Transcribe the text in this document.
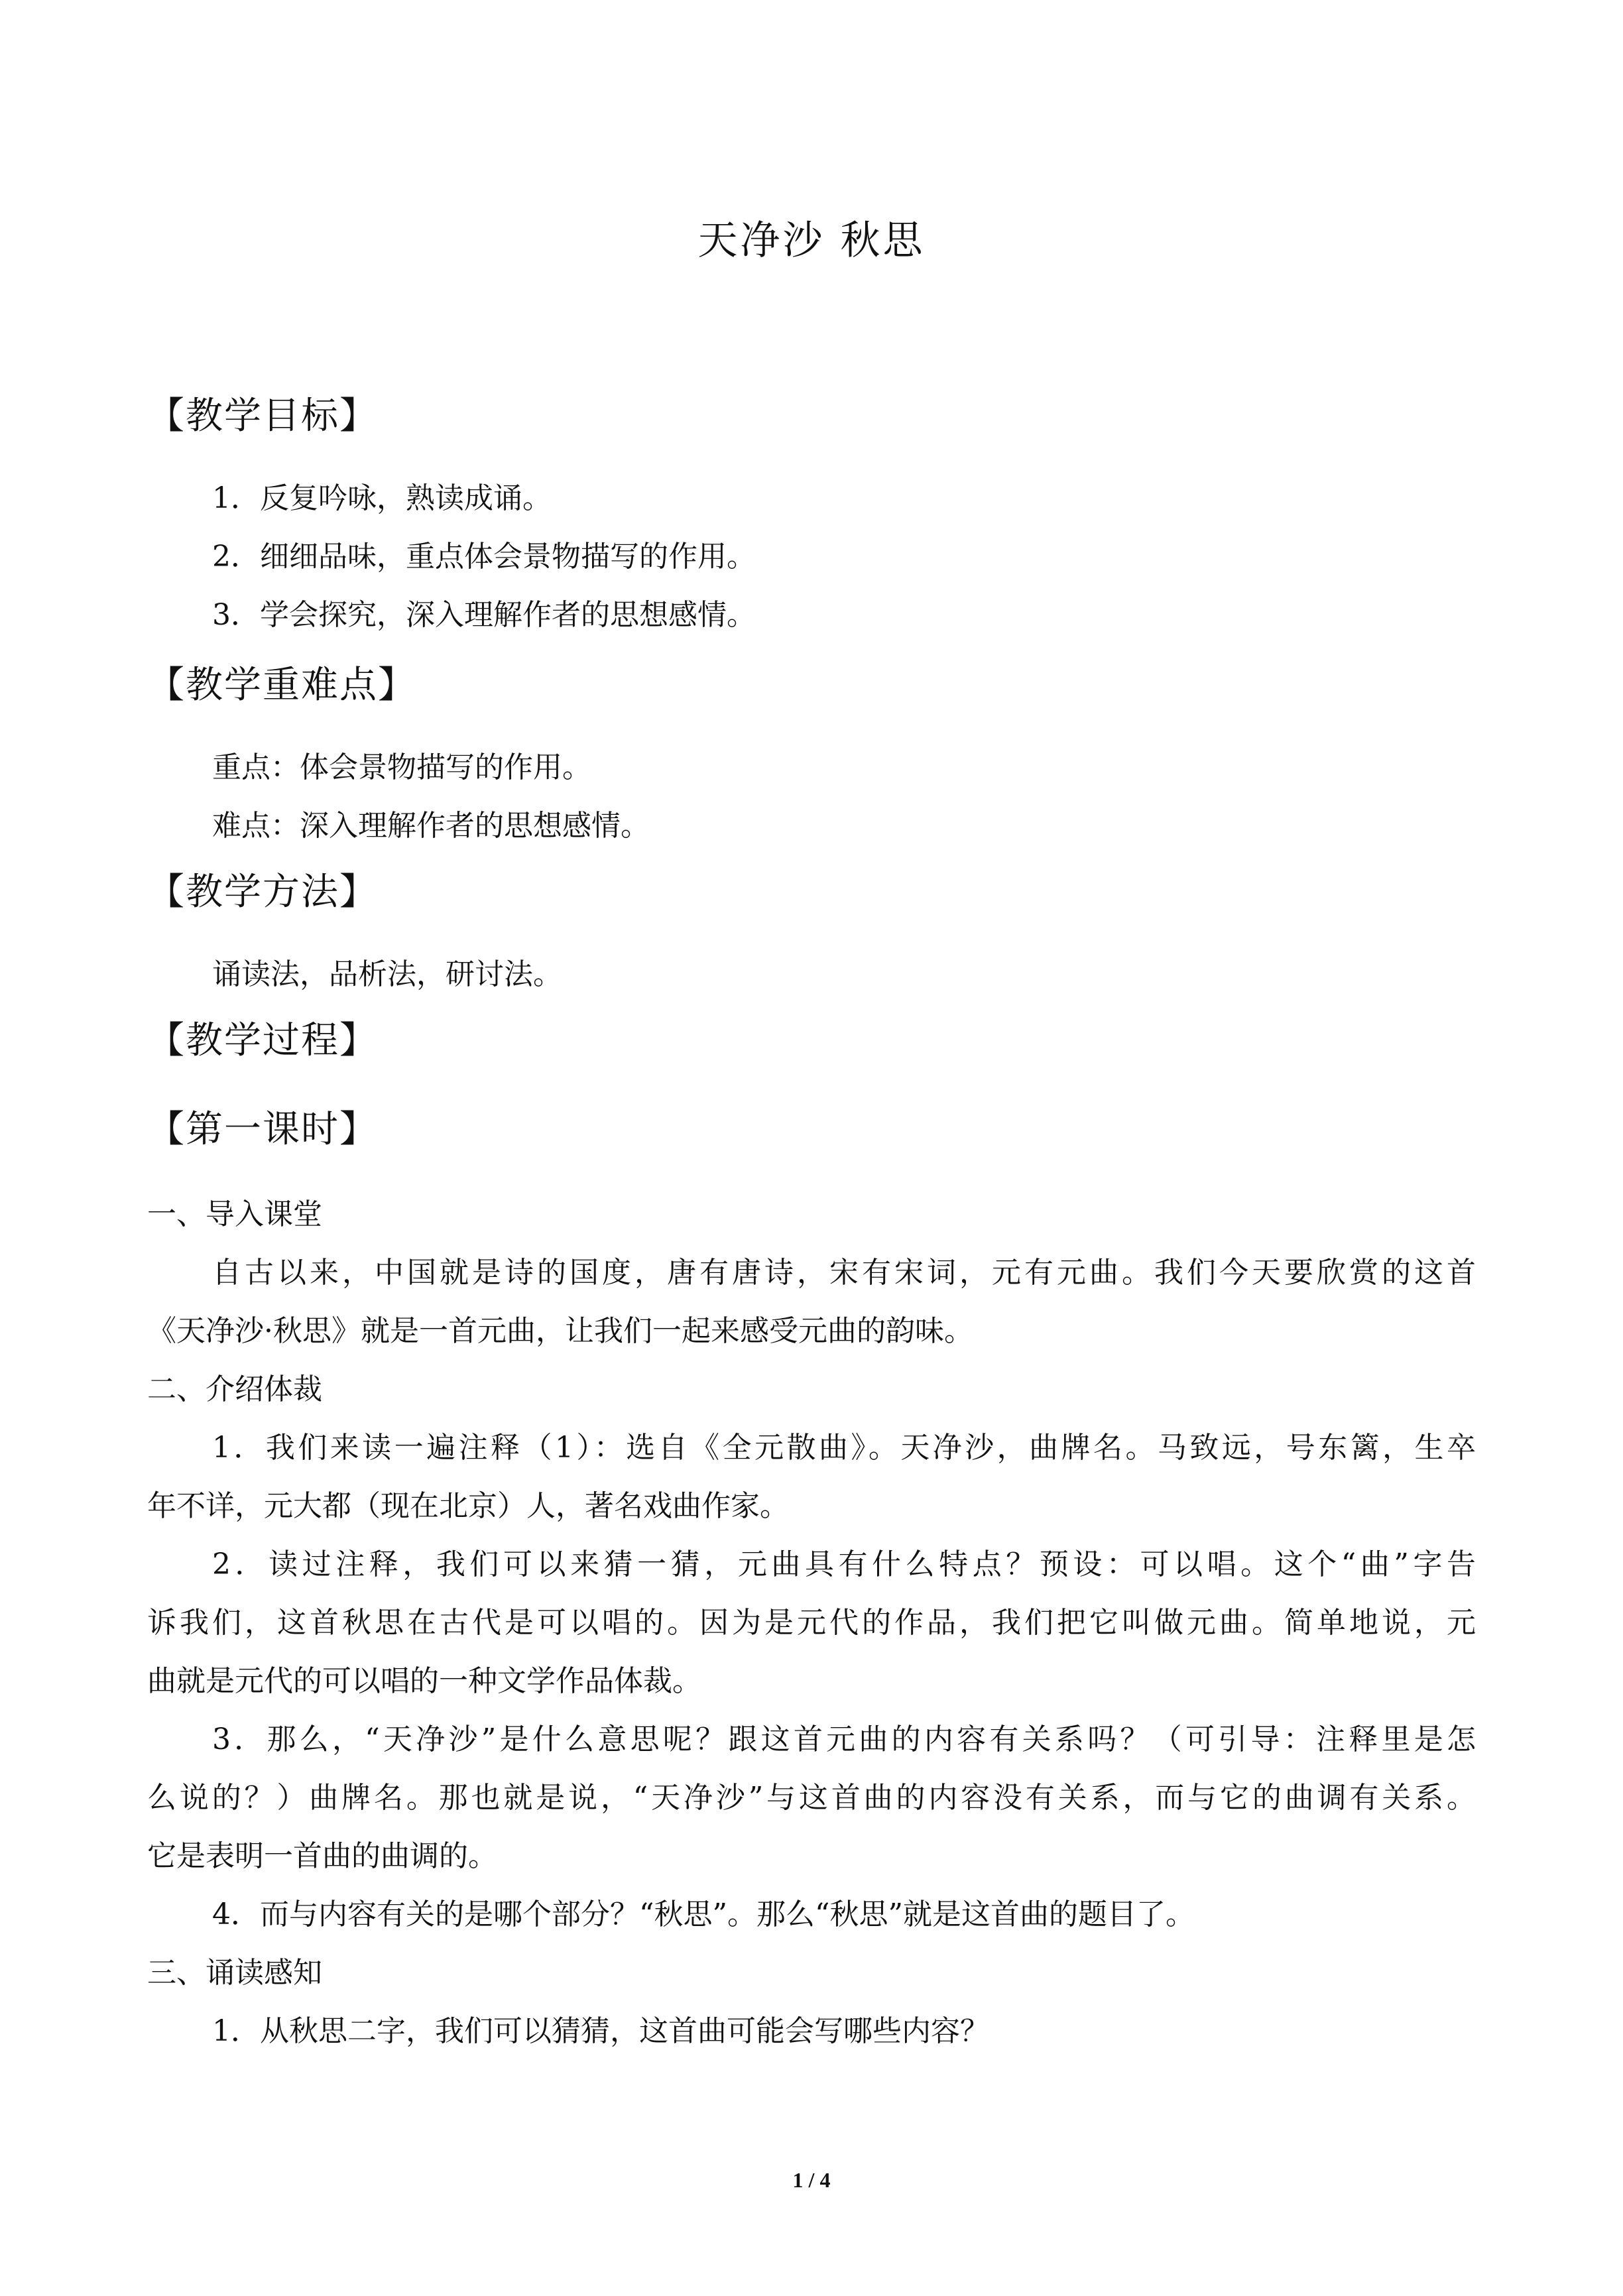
天净沙 秋思
【教学目标】

1．反复吟咏，熟读成诵。

2．细细品味，重点体会景物描写的作用。

3．学会探究，深入理解作者的思想感情。

【教学重难点】

重点：体会景物描写的作用。

难点：深入理解作者的思想感情。

【教学方法】

诵读法，品析法，研讨法。

【教学过程】
【第一课时】

一、导入课堂

自古以来，中国就是诗的国度，唐有唐诗，宋有宋词，元有元曲。我们今天要欣赏的这首

《天净沙·秋思》就是一首元曲，让我们一起来感受元曲的韵味。

二、介绍体裁

1．我们来读一遍注释（1）：选自《全元散曲》。天净沙，曲牌名。马致远，号东篱，生卒

年不详，元大都（现在北京）人，著名戏曲作家。

2．读过注释，我们可以来猜一猜，元曲具有什么特点？预设：可以唱。这个“曲”字告

诉我们，这首秋思在古代是可以唱的。因为是元代的作品，我们把它叫做元曲。简单地说，元

曲就是元代的可以唱的一种文学作品体裁。

3．那么，“天净沙”是什么意思呢？跟这首元曲的内容有关系吗？（可引导：注释里是怎

么说的？）曲牌名。那也就是说，“天净沙”与这首曲的内容没有关系，而与它的曲调有关系。

它是表明一首曲的曲调的。

4．而与内容有关的是哪个部分？“秋思”。那么“秋思”就是这首曲的题目了。

三、诵读感知

1．从秋思二字，我们可以猜猜，这首曲可能会写哪些内容？

1 / 4
